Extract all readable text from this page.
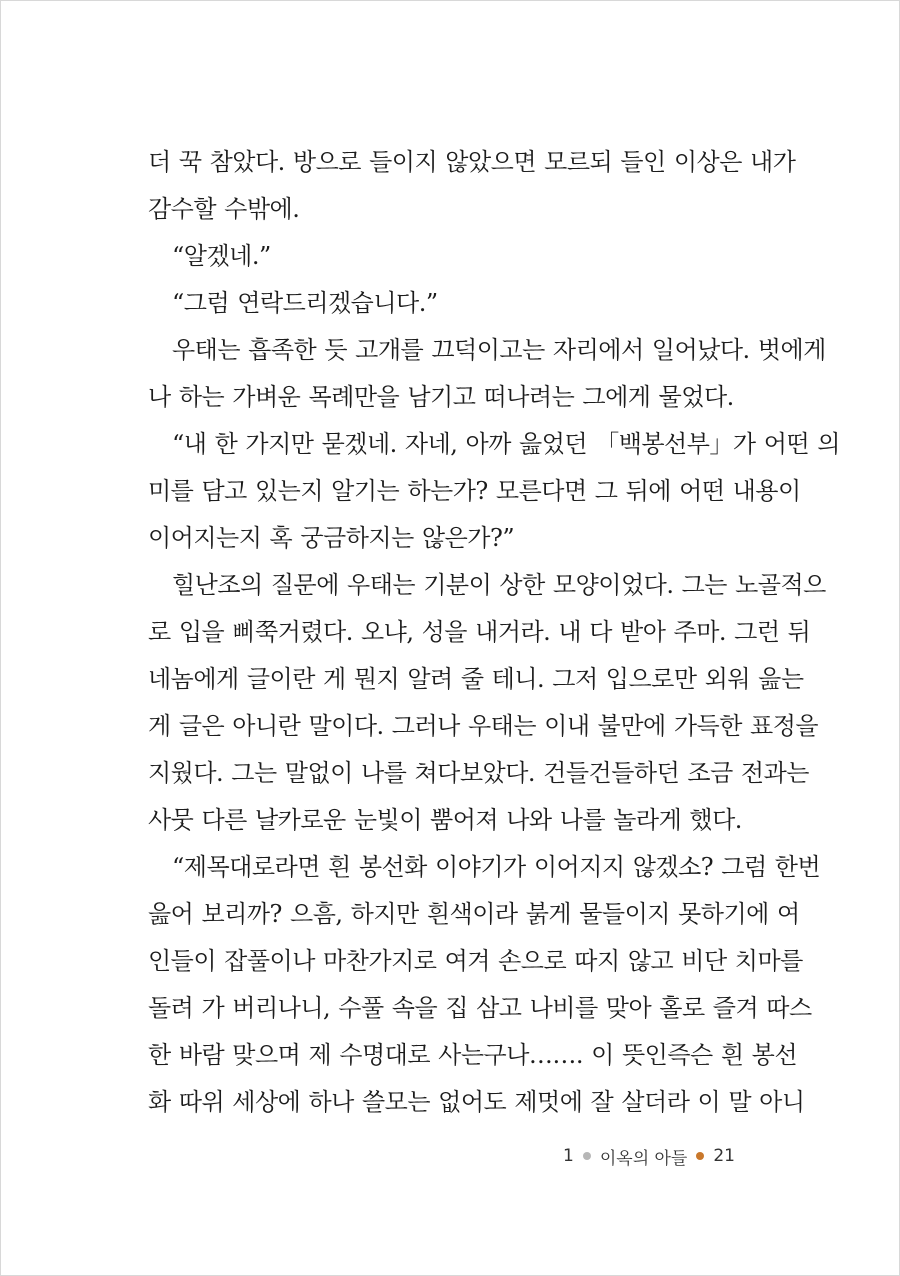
더 꾹 참았다. 방으로 들이지 않았으면 모르되 들인 이상은 내가
감수할 수밖에.
“알겠네.”
“그럼 연락드리겠습니다.”
우태는 흡족한 듯 고개를 끄덕이고는 자리에서 일어났다. 벗에게
나 하는 가벼운 목례만을 남기고 떠나려는 그에게 물었다.
“내 한 가지만 묻겠네. 자네, 아까 읊었던 「백봉선부」가 어떤 의
미를 담고 있는지 알기는 하는가? 모른다면 그 뒤에 어떤 내용이
이어지는지 혹 궁금하지는 않은가?”
힐난조의 질문에 우태는 기분이 상한 모양이었다. 그는 노골적으
로 입을 삐쭉거렸다. 오냐, 성을 내거라. 내 다 받아 주마. 그런 뒤
네놈에게 글이란 게 뭔지 알려 줄 테니. 그저 입으로만 외워 읊는
게 글은 아니란 말이다. 그러나 우태는 이내 불만에 가득한 표정을
지웠다. 그는 말없이 나를 쳐다보았다. 건들건들하던 조금 전과는
사뭇 다른 날카로운 눈빛이 뿜어져 나와 나를 놀라게 했다.
“제목대로라면 흰 봉선화 이야기가 이어지지 않겠소? 그럼 한번
읊어 보리까? 으흠, 하지만 흰색이라 붉게 물들이지 못하기에 여
인들이 잡풀이나 마찬가지로 여겨 손으로 따지 않고 비단 치마를
돌려 가 버리나니, 수풀 속을 집 삼고 나비를 맞아 홀로 즐겨 따스
한 바람 맞으며 제 수명대로 사는구나……. 이 뜻인즉슨 흰 봉선
화 따위 세상에 하나 쓸모는 없어도 제멋에 잘 살더라 이 말 아니
1 이옥의 아들 21
